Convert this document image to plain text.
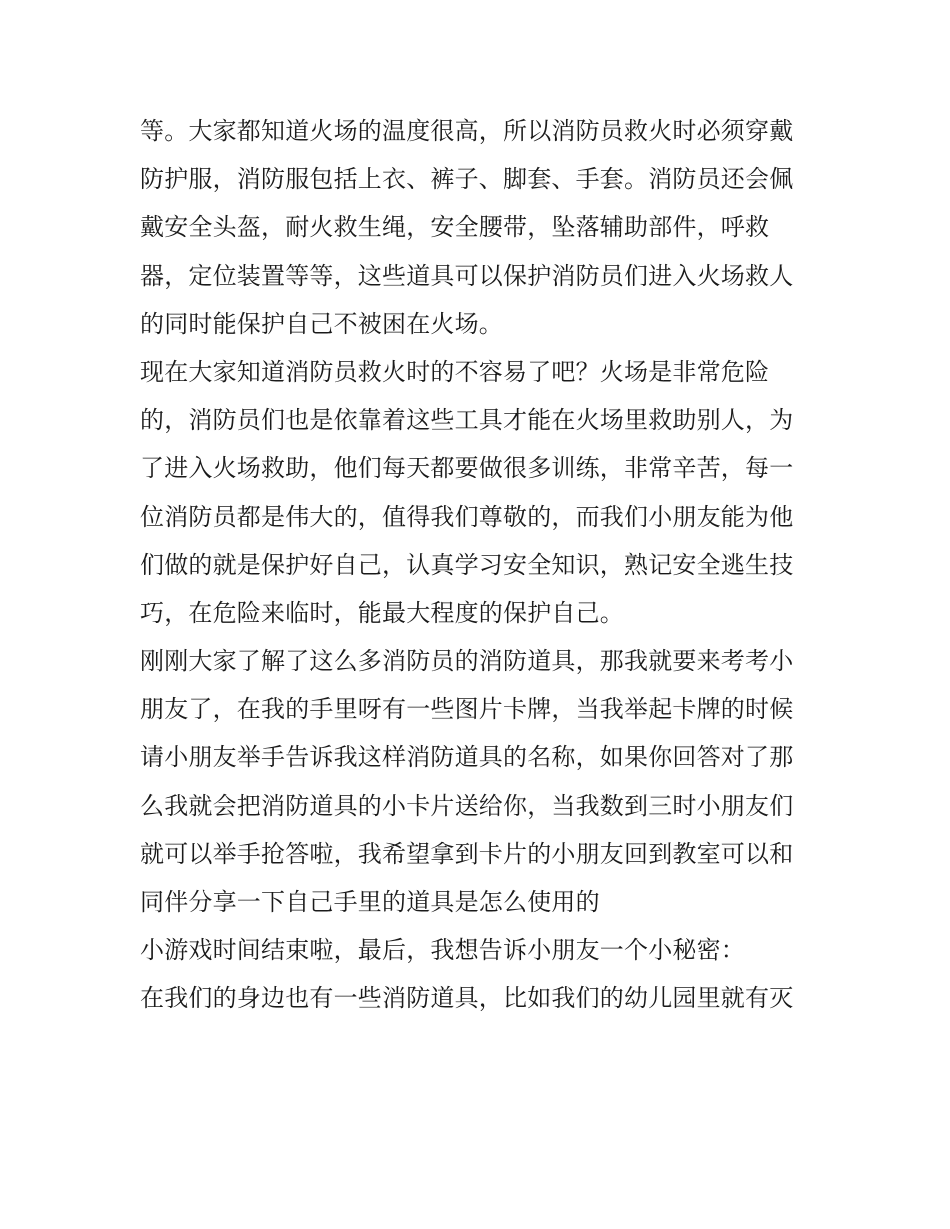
等。大家都知道火场的温度很高，所以消防员救火时必须穿戴
防护服，消防服包括上衣、裤子、脚套、手套。消防员还会佩
戴安全头盔，耐火救生绳，安全腰带，坠落辅助部件，呼救
器，定位装置等等，这些道具可以保护消防员们进入火场救人
的同时能保护自己不被困在火场。
现在大家知道消防员救火时的不容易了吧？火场是非常危险
的，消防员们也是依靠着这些工具才能在火场里救助别人，为
了进入火场救助，他们每天都要做很多训练，非常辛苦，每一
位消防员都是伟大的，值得我们尊敬的，而我们小朋友能为他
们做的就是保护好自己，认真学习安全知识，熟记安全逃生技
巧，在危险来临时，能最大程度的保护自己。
刚刚大家了解了这么多消防员的消防道具，那我就要来考考小
朋友了，在我的手里呀有一些图片卡牌，当我举起卡牌的时候
请小朋友举手告诉我这样消防道具的名称，如果你回答对了那
么我就会把消防道具的小卡片送给你，当我数到三时小朋友们
就可以举手抢答啦，我希望拿到卡片的小朋友回到教室可以和
同伴分享一下自己手里的道具是怎么使用的
小游戏时间结束啦，最后，我想告诉小朋友一个小秘密：
在我们的身边也有一些消防道具，比如我们的幼儿园里就有灭
